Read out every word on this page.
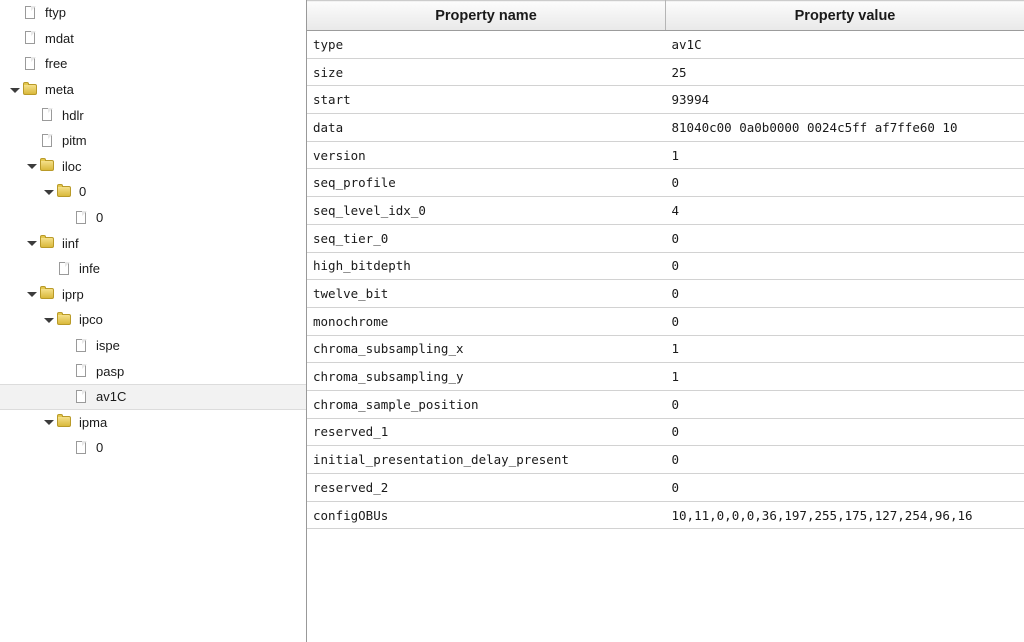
ftyp
mdat
free
meta
hdlr
pitm
iloc
0
0
iinf
infe
iprp
ipco
ispe
pasp
av1C
ipma
0
Property name	Property value
type	av1C
size	25
start	93994
data	81040c00 0a0b0000 0024c5ff af7ffe60 10
version	1
seq_profile	0
seq_level_idx_0	4
seq_tier_0	0
high_bitdepth	0
twelve_bit	0
monochrome	0
chroma_subsampling_x	1
chroma_subsampling_y	1
chroma_sample_position	0
reserved_1	0
initial_presentation_delay_present	0
reserved_2	0
configOBUs	10,11,0,0,0,36,197,255,175,127,254,96,16
